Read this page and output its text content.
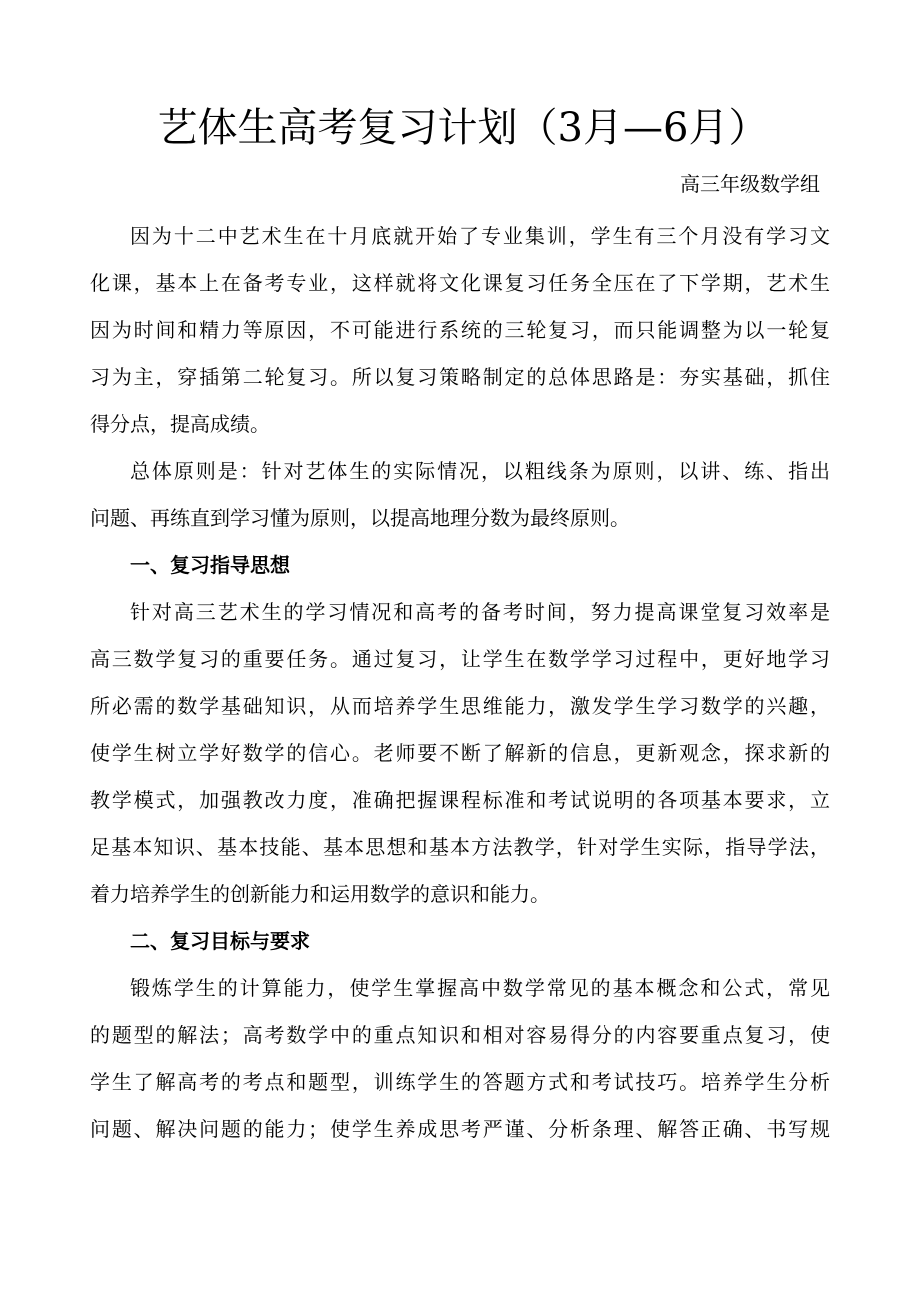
艺体生高考复习计划（3月—6月）
高三年级数学组
因为十二中艺术生在十月底就开始了专业集训，学生有三个月没有学习文
化课，基本上在备考专业，这样就将文化课复习任务全压在了下学期，艺术生
因为时间和精力等原因，不可能进行系统的三轮复习，而只能调整为以一轮复
习为主，穿插第二轮复习。所以复习策略制定的总体思路是：夯实基础，抓住
得分点，提高成绩。
总体原则是：针对艺体生的实际情况，以粗线条为原则，以讲、练、指出
问题、再练直到学习懂为原则，以提高地理分数为最终原则。
一、复习指导思想
针对高三艺术生的学习情况和高考的备考时间，努力提高课堂复习效率是
高三数学复习的重要任务。通过复习，让学生在数学学习过程中，更好地学习
所必需的数学基础知识，从而培养学生思维能力，激发学生学习数学的兴趣，
使学生树立学好数学的信心。老师要不断了解新的信息，更新观念，探求新的
教学模式，加强教改力度，准确把握课程标准和考试说明的各项基本要求，立
足基本知识、基本技能、基本思想和基本方法教学，针对学生实际，指导学法，
着力培养学生的创新能力和运用数学的意识和能力。
二、复习目标与要求
锻炼学生的计算能力，使学生掌握高中数学常见的基本概念和公式，常见
的题型的解法；高考数学中的重点知识和相对容易得分的内容要重点复习，使
学生了解高考的考点和题型，训练学生的答题方式和考试技巧。培养学生分析
问题、解决问题的能力；使学生养成思考严谨、分析条理、解答正确、书写规
